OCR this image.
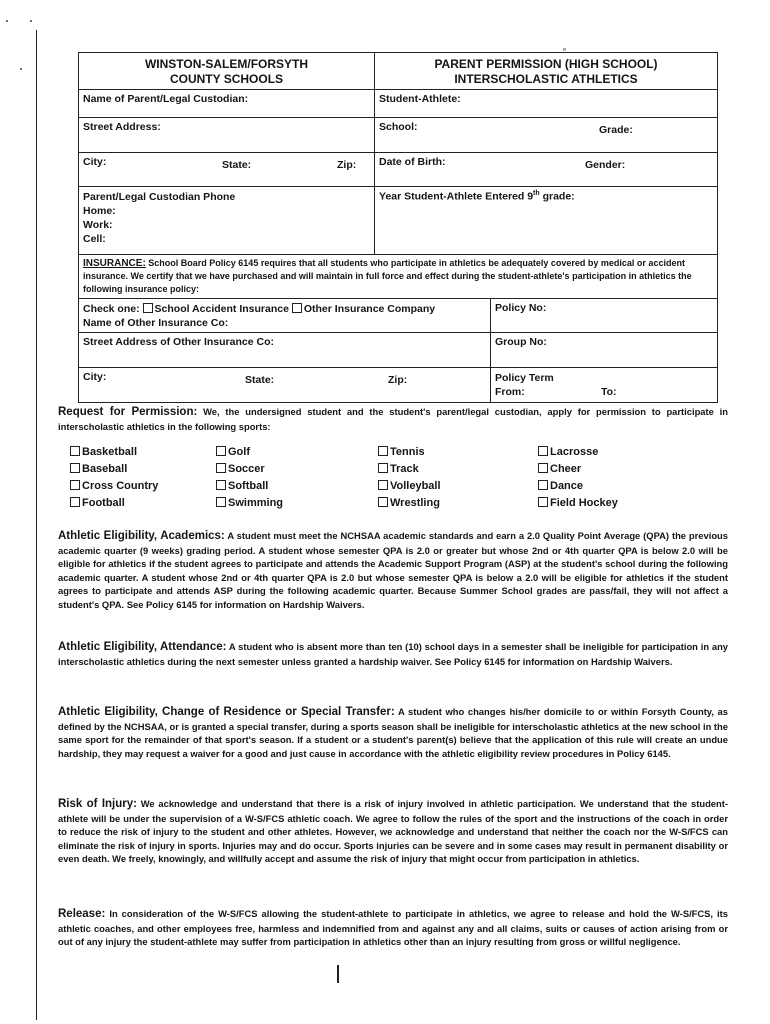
ᵒ
WINSTON-SALEM/FORSYTH
COUNTY SCHOOLS
PARENT PERMISSION (HIGH SCHOOL)
INTERSCHOLASTIC ATHLETICS
Name of Parent/Legal Custodian:	Student-Athlete:
Street Address:	School:	Grade:
City:	State:	Zip:	Date of Birth:	Gender:
Parent/Legal Custodian Phone
Home:
Work:
Cell:
Year Student-Athlete Entered 9th grade:
INSURANCE: School Board Policy 6145 requires that all students who participate in athletics be adequately covered by medical or accident insurance. We certify that we have purchased and will maintain in full force and effect during the student-athlete's participation in athletics the following insurance policy:
Check one: School Accident Insurance Other Insurance Company
Name of Other Insurance Co:
Policy No:
Street Address of Other Insurance Co:	Group No:
City:	State:	Zip:	Policy Term
From:	To:
Request for Permission: We, the undersigned student and the student's parent/legal custodian, apply for permission to participate in interscholastic athletics in the following sports:
Basketball	Golf	Tennis	Lacrosse
Baseball	Soccer	Track	Cheer
Cross Country	Softball	Volleyball	Dance
Football	Swimming	Wrestling	Field Hockey
Athletic Eligibility, Academics: A student must meet the NCHSAA academic standards and earn a 2.0 Quality Point Average (QPA) the previous academic quarter (9 weeks) grading period. A student whose semester QPA is 2.0 or greater but whose 2nd or 4th quarter QPA is below 2.0 will be eligible for athletics if the student agrees to participate and attends the Academic Support Program (ASP) at the student's school during the following academic quarter. A student whose 2nd or 4th quarter QPA is 2.0 but whose semester QPA is below a 2.0 will be eligible for athletics if the student agrees to participate and attends ASP during the following academic quarter. Because Summer School grades are pass/fail, they will not affect a student's QPA. See Policy 6145 for information on Hardship Waivers.
Athletic Eligibility, Attendance: A student who is absent more than ten (10) school days in a semester shall be ineligible for participation in any interscholastic athletics during the next semester unless granted a hardship waiver. See Policy 6145 for information on Hardship Waivers.
Athletic Eligibility, Change of Residence or Special Transfer: A student who changes his/her domicile to or within Forsyth County, as defined by the NCHSAA, or is granted a special transfer, during a sports season shall be ineligible for interscholastic athletics at the new school in the same sport for the remainder of that sport's season. If a student or a student's parent(s) believe that the application of this rule will create an undue hardship, they may request a waiver for a good and just cause in accordance with the athletic eligibility review procedures in Policy 6145.
Risk of Injury: We acknowledge and understand that there is a risk of injury involved in athletic participation. We understand that the student-athlete will be under the supervision of a W-S/FCS athletic coach. We agree to follow the rules of the sport and the instructions of the coach in order to reduce the risk of injury to the student and other athletes. However, we acknowledge and understand that neither the coach nor the W-S/FCS can eliminate the risk of injury in sports. Injuries may and do occur. Sports injuries can be severe and in some cases may result in permanent disability or even death. We freely, knowingly, and willfully accept and assume the risk of injury that might occur from participation in athletics.
Release: In consideration of the W-S/FCS allowing the student-athlete to participate in athletics, we agree to release and hold the W-S/FCS, its athletic coaches, and other employees free, harmless and indemnified from and against any and all claims, suits or causes of action arising from or out of any injury the student-athlete may suffer from participation in athletics other than an injury resulting from gross or willful negligence.
